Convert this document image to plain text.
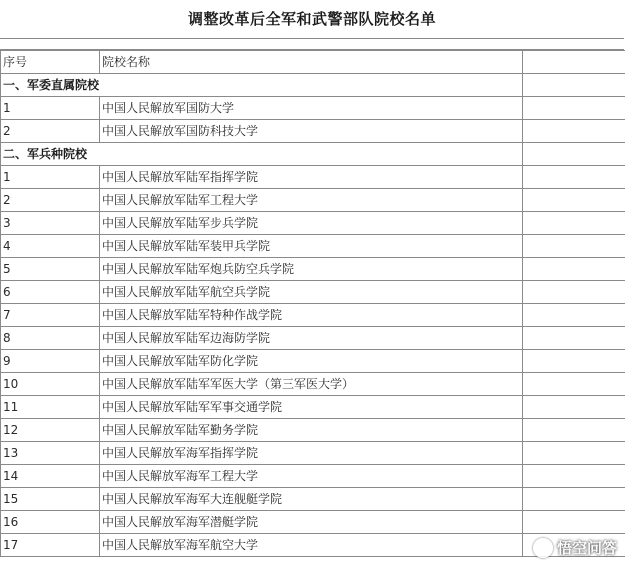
调整改革后全军和武警部队院校名单
序号	院校名称	
一、军委直属院校		
1	中国人民解放军国防大学	
2	中国人民解放军国防科技大学	
二、军兵种院校		
1	中国人民解放军陆军指挥学院	
2	中国人民解放军陆军工程大学	
3	中国人民解放军陆军步兵学院	
4	中国人民解放军陆军装甲兵学院	
5	中国人民解放军陆军炮兵防空兵学院	
6	中国人民解放军陆军航空兵学院	
7	中国人民解放军陆军特种作战学院	
8	中国人民解放军陆军边海防学院	
9	中国人民解放军陆军防化学院	
10	中国人民解放军陆军军医大学（第三军医大学）	
11	中国人民解放军陆军军事交通学院	
12	中国人民解放军陆军勤务学院	
13	中国人民解放军海军指挥学院	
14	中国人民解放军海军工程大学	
15	中国人民解放军海军大连舰艇学院	
16	中国人民解放军海军潜艇学院	
17	中国人民解放军海军航空大学		悟空问答
